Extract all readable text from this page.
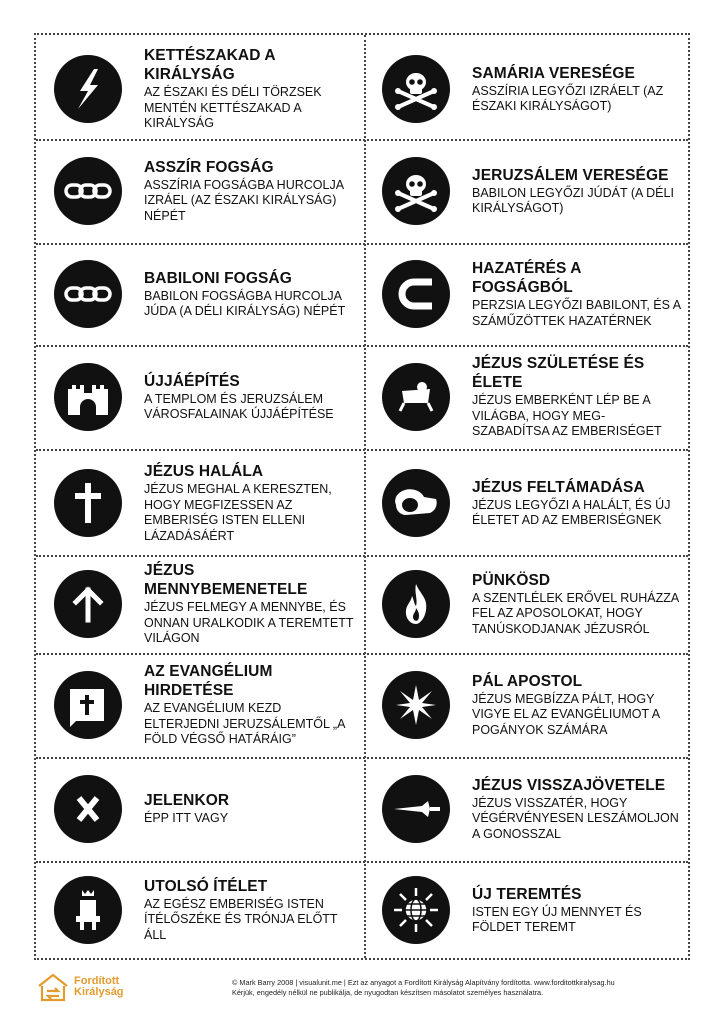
KETTÉSZAKAD A KIRÁLYSÁG
AZ ÉSZAKI ÉS DÉLI TÖRZSEK MENTÉN KETTÉSZAKAD A KIRÁLYSÁG
SAMÁRIA VERESÉGE
ASSZÍRIA LEGYŐZI IZRÁELT (AZ ÉSZAKI KIRÁLYSÁGOT)
ASSZÍR FOGSÁG
ASSZÍRIA FOGSÁGBA HURCOLJA IZRÁEL (AZ ÉSZAKI KIRÁLYSÁG) NÉPÉT
JERUZSÁLEM VERESÉGE
BABILON LEGYŐZI JÚDÁT (A DÉLI KIRÁLYSÁGOT)
BABILONI FOGSÁG
BABILON FOGSÁGBA HURCOLJA JÚDA (A DÉLI KIRÁLYSÁG) NÉPÉT
HAZATÉRÉS A FOGSÁGBÓL
PERZSIA LEGYŐZI BABILONT, ÉS A SZÁMŰZÖTTEK HAZATÉRNEK
ÚJJÁÉPÍTÉS
A TEMPLOM ÉS JERUZSÁLEM VÁROSFALAINAK ÚJJÁÉPÍTÉSE
JÉZUS SZÜLETÉSE ÉS ÉLETE
JÉZUS EMBERKÉNT LÉP BE A VILÁGBA, HOGY MEG-SZABADÍTSA AZ EMBERISÉGET
JÉZUS HALÁLA
JÉZUS MEGHAL A KERESZTEN, HOGY MEGFIZESSEN AZ EMBERISÉG ISTEN ELLENI LÁZADÁSÁÉRT
JÉZUS FELTÁMADÁSA
JÉZUS LEGYŐZI A HALÁLT, ÉS ÚJ ÉLETET AD AZ EMBERISÉGNEK
JÉZUS MENNYBEMENETELE
JÉZUS FELMEGY A MENNYBE, ÉS ONNAN URALKODIK A TEREMTETT VILÁGON
PÜNKÖSD
A SZENTLÉLEK ERŐVEL RUHÁZZA FEL AZ APOSOLOKAT, HOGY TANÚSKODJANAK JÉZUSRÓL
AZ EVANGÉLIUM HIRDETÉSE
AZ EVANGÉLIUM KEZD ELTERJEDNI JERUZSÁLEMTŐL „A FÖLD VÉGSŐ HATÁRÁIG”
PÁL APOSTOL
JÉZUS MEGBÍZZA PÁLT, HOGY VIGYE EL AZ EVANGÉLIUMOT A POGÁNYOK SZÁMÁRA
JELENKOR
ÉPP ITT VAGY
JÉZUS VISSZAJÖVETELE
JÉZUS VISSZATÉR, HOGY VÉGÉRVÉNYESEN LESZÁMOLJON A GONOSSZAL
UTOLSÓ ÍTÉLET
AZ EGÉSZ EMBERISÉG ISTEN ÍTÉLŐSZÉKE ÉS TRÓNJA ELŐTT ÁLL
ÚJ TEREMTÉS
ISTEN EGY ÚJ MENNYET ÉS FÖLDET TEREMT
Fordított
Királyság
© Mark Barry 2008 | visualunit.me | Ezt az anyagot a Fordított Királyság Alapítvány fordította. www.forditottkiralysag.hu
Kérjük, engedély nélkül ne publikálja, de nyugodtan készítsen másolatot személyes használatra.
